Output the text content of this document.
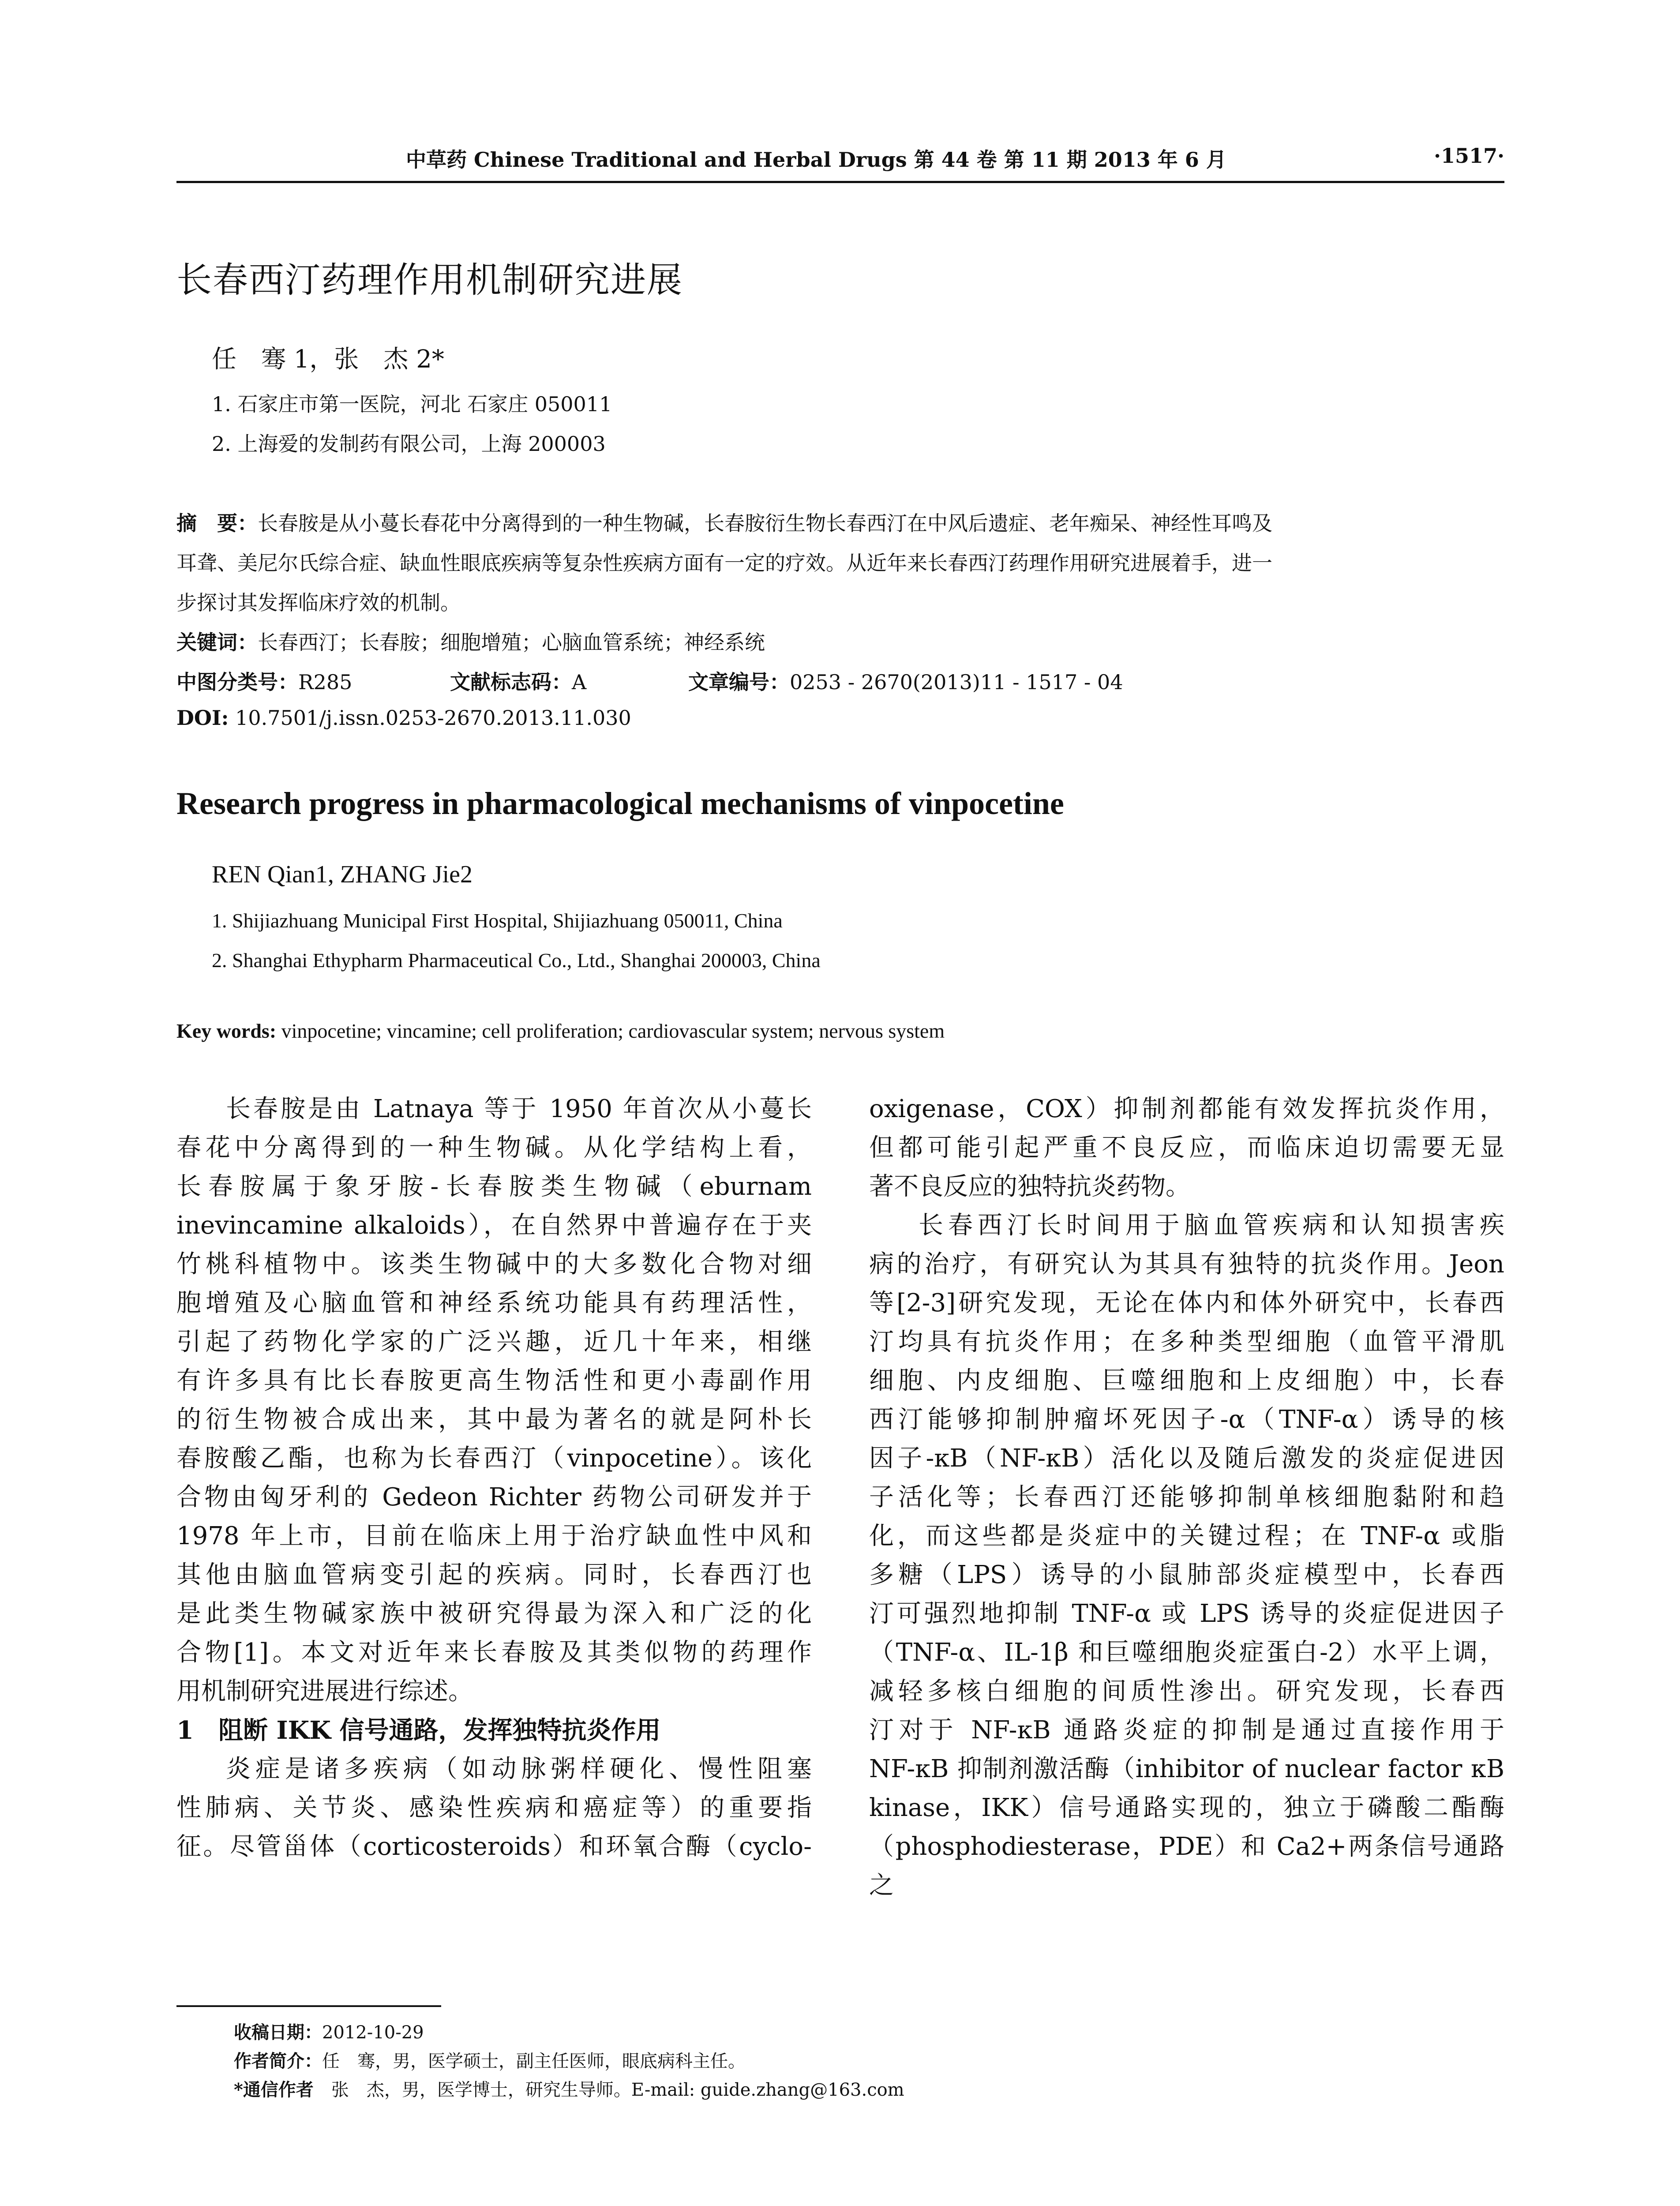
中草药 Chinese Traditional and Herbal Drugs 第 44 卷 第 11 期 2013 年 6 月	·1517·
长春西汀药理作用机制研究进展
任　骞 1，张　杰 2*
1. 石家庄市第一医院，河北 石家庄 050011
2. 上海爱的发制药有限公司，上海 200003
摘　要：长春胺是从小蔓长春花中分离得到的一种生物碱，长春胺衍生物长春西汀在中风后遗症、老年痴呆、神经性耳鸣及
耳聋、美尼尔氏综合症、缺血性眼底疾病等复杂性疾病方面有一定的疗效。从近年来长春西汀药理作用研究进展着手，进一
步探讨其发挥临床疗效的机制。
关键词：长春西汀；长春胺；细胞增殖；心脑血管系统；神经系统
中图分类号：R285	文献标志码：A	文章编号：0253 - 2670(2013)11 - 1517 - 04
DOI: 10.7501/j.issn.0253-2670.2013.11.030
Research progress in pharmacological mechanisms of vinpocetine
REN Qian1, ZHANG Jie2
1. Shijiazhuang Municipal First Hospital, Shijiazhuang 050011, China
2. Shanghai Ethypharm Pharmaceutical Co., Ltd., Shanghai 200003, China
Key words: vinpocetine; vincamine; cell proliferation; cardiovascular system; nervous system
长春胺是由 Latnaya 等于 1950 年首次从小蔓长
春花中分离得到的一种生物碱。从化学结构上看，
长春胺属于象牙胺-长春胺类生物碱（eburnam
inevincamine alkaloids），在自然界中普遍存在于夹
竹桃科植物中。该类生物碱中的大多数化合物对细
胞增殖及心脑血管和神经系统功能具有药理活性，
引起了药物化学家的广泛兴趣，近几十年来，相继
有许多具有比长春胺更高生物活性和更小毒副作用
的衍生物被合成出来，其中最为著名的就是阿朴长
春胺酸乙酯，也称为长春西汀（vinpocetine）。该化
合物由匈牙利的 Gedeon Richter 药物公司研发并于
1978 年上市，目前在临床上用于治疗缺血性中风和
其他由脑血管病变引起的疾病。同时，长春西汀也
是此类生物碱家族中被研究得最为深入和广泛的化
合物[1]。本文对近年来长春胺及其类似物的药理作
用机制研究进展进行综述。
1　阻断 IKK 信号通路，发挥独特抗炎作用
炎症是诸多疾病（如动脉粥样硬化、慢性阻塞
性肺病、关节炎、感染性疾病和癌症等）的重要指
征。尽管甾体（corticosteroids）和环氧合酶（cyclo-
oxigenase，COX）抑制剂都能有效发挥抗炎作用，
但都可能引起严重不良反应，而临床迫切需要无显
著不良反应的独特抗炎药物。
长春西汀长时间用于脑血管疾病和认知损害疾
病的治疗，有研究认为其具有独特的抗炎作用。Jeon
等[2-3]研究发现，无论在体内和体外研究中，长春西
汀均具有抗炎作用；在多种类型细胞（血管平滑肌
细胞、内皮细胞、巨噬细胞和上皮细胞）中，长春
西汀能够抑制肿瘤坏死因子-α（TNF-α）诱导的核
因子-κB（NF-κB）活化以及随后激发的炎症促进因
子活化等；长春西汀还能够抑制单核细胞黏附和趋
化，而这些都是炎症中的关键过程；在 TNF-α 或脂
多糖（LPS）诱导的小鼠肺部炎症模型中，长春西
汀可强烈地抑制 TNF-α 或 LPS 诱导的炎症促进因子
（TNF-α、IL-1β 和巨噬细胞炎症蛋白-2）水平上调，
减轻多核白细胞的间质性渗出。研究发现，长春西
汀对于 NF-κB 通路炎症的抑制是通过直接作用于
NF-κB 抑制剂激活酶（inhibitor of nuclear factor κB
kinase，IKK）信号通路实现的，独立于磷酸二酯酶
（phosphodiesterase，PDE）和 Ca2+两条信号通路之
收稿日期：2012-10-29
作者简介：任　骞，男，医学硕士，副主任医师，眼底病科主任。
*通信作者　张　杰，男，医学博士，研究生导师。E-mail: guide.zhang@163.com
